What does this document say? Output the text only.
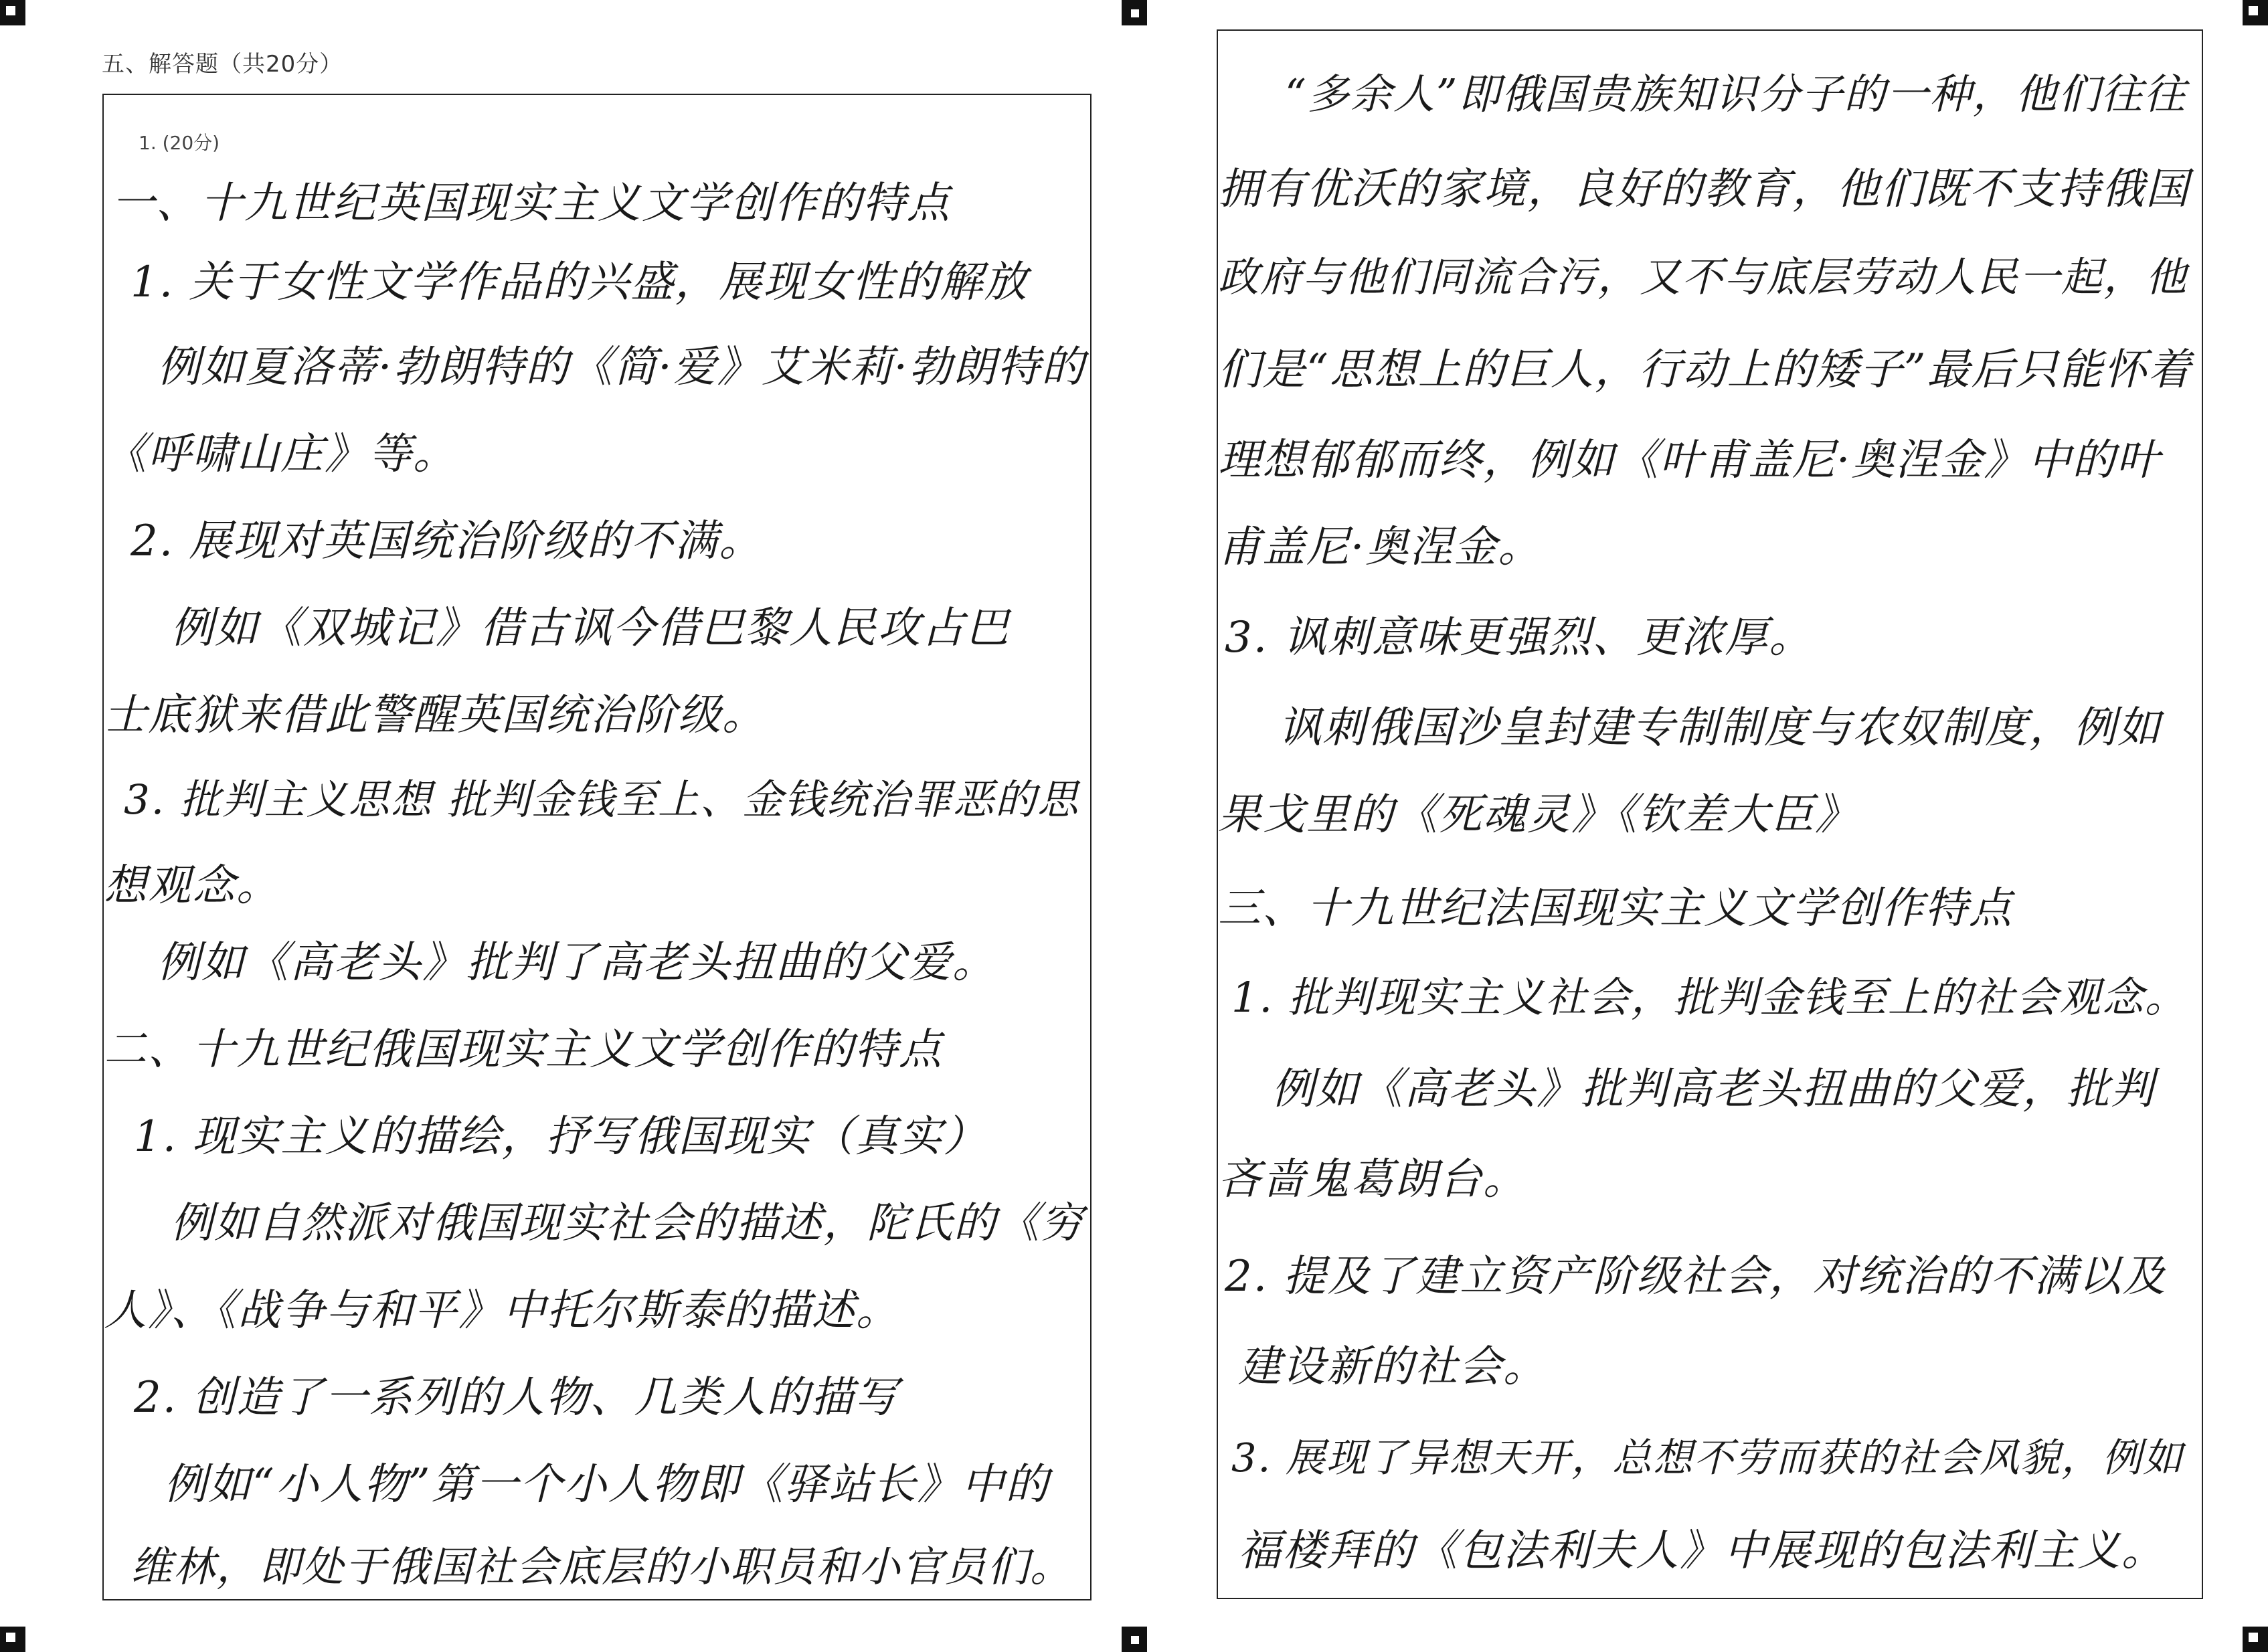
五、解答题（共20分）
1. (20分)
一、十九世纪英国现实主义文学创作的特点
1. 关于女性文学作品的兴盛，展现女性的解放
例如夏洛蒂·勃朗特的《简·爱》艾米莉·勃朗特的
《呼啸山庄》等。
2. 展现对英国统治阶级的不满。
例如《双城记》借古讽今借巴黎人民攻占巴
士底狱来借此警醒英国统治阶级。
3. 批判主义思想 批判金钱至上、金钱统治罪恶的思
想观念。
例如《高老头》批判了高老头扭曲的父爱。
二、十九世纪俄国现实主义文学创作的特点
1. 现实主义的描绘，抒写俄国现实（真实）
例如自然派对俄国现实社会的描述，陀氏的《穷
人》、《战争与和平》中托尔斯泰的描述。
2. 创造了一系列的人物、几类人的描写
例如“小人物”第一个小人物即《驿站长》中的
维林，即处于俄国社会底层的小职员和小官员们。
“多余人”即俄国贵族知识分子的一种，他们往往
拥有优沃的家境，良好的教育，他们既不支持俄国
政府与他们同流合污，又不与底层劳动人民一起，他
们是“思想上的巨人，行动上的矮子”最后只能怀着
理想郁郁而终，例如《叶甫盖尼·奥涅金》中的叶
甫盖尼·奥涅金。
3. 讽刺意味更强烈、更浓厚。
讽刺俄国沙皇封建专制制度与农奴制度，例如
果戈里的《死魂灵》《钦差大臣》
三、十九世纪法国现实主义文学创作特点
1. 批判现实主义社会，批判金钱至上的社会观念。
例如《高老头》批判高老头扭曲的父爱，批判
吝啬鬼葛朗台。
2. 提及了建立资产阶级社会，对统治的不满以及
建设新的社会。
3. 展现了异想天开，总想不劳而获的社会风貌，例如
福楼拜的《包法利夫人》中展现的包法利主义。
